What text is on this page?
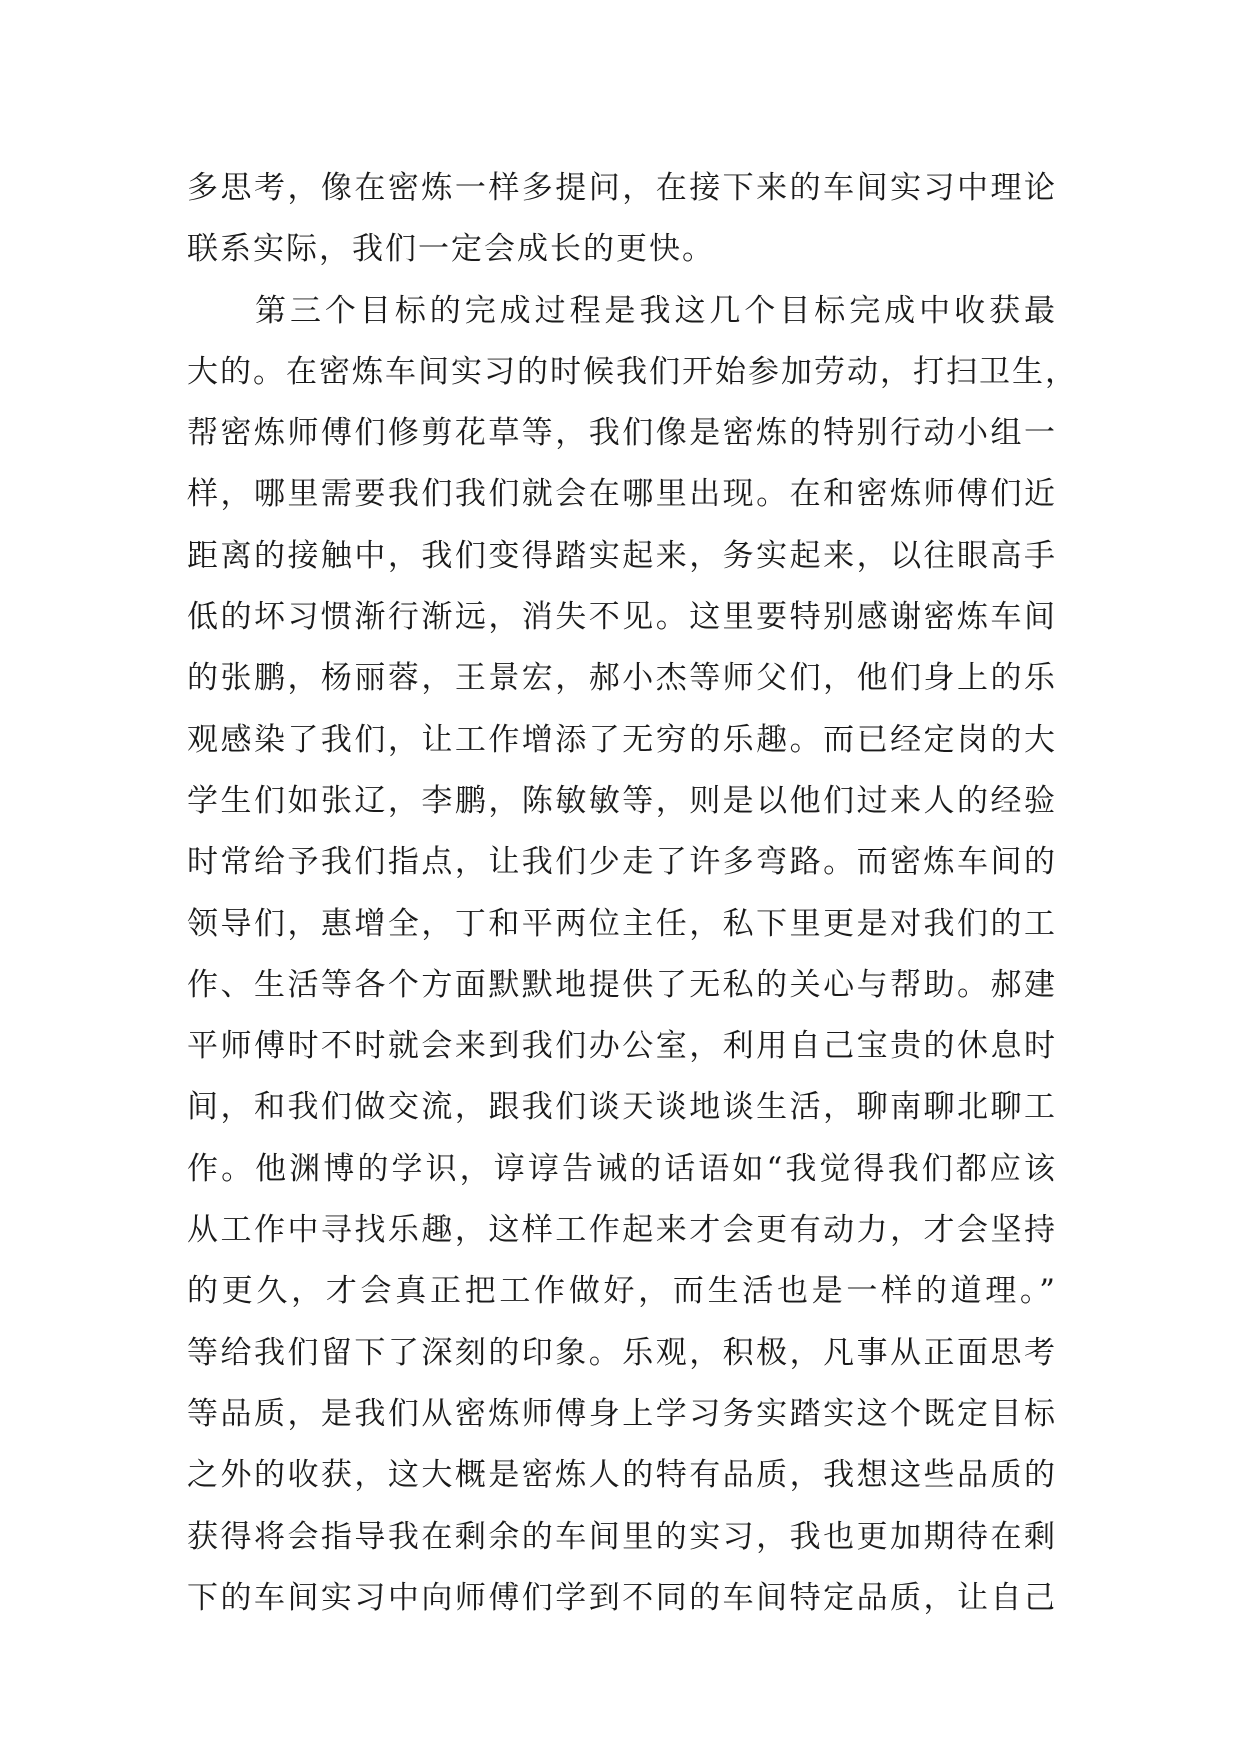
多思考，像在密炼一样多提问，在接下来的车间实习中理论
联系实际，我们一定会成长的更快。
第三个目标的完成过程是我这几个目标完成中收获最
大的。在密炼车间实习的时候我们开始参加劳动，打扫卫生，
帮密炼师傅们修剪花草等，我们像是密炼的特别行动小组一
样，哪里需要我们我们就会在哪里出现。在和密炼师傅们近
距离的接触中，我们变得踏实起来，务实起来，以往眼高手
低的坏习惯渐行渐远，消失不见。这里要特别感谢密炼车间
的张鹏，杨丽蓉，王景宏，郝小杰等师父们，他们身上的乐
观感染了我们，让工作增添了无穷的乐趣。而已经定岗的大
学生们如张辽，李鹏，陈敏敏等，则是以他们过来人的经验
时常给予我们指点，让我们少走了许多弯路。而密炼车间的
领导们，惠增全，丁和平两位主任，私下里更是对我们的工
作、生活等各个方面默默地提供了无私的关心与帮助。郝建
平师傅时不时就会来到我们办公室，利用自己宝贵的休息时
间，和我们做交流，跟我们谈天谈地谈生活，聊南聊北聊工
作。他渊博的学识，谆谆告诫的话语如“我觉得我们都应该
从工作中寻找乐趣，这样工作起来才会更有动力，才会坚持
的更久，才会真正把工作做好，而生活也是一样的道理。”
等给我们留下了深刻的印象。乐观，积极，凡事从正面思考
等品质，是我们从密炼师傅身上学习务实踏实这个既定目标
之外的收获，这大概是密炼人的特有品质，我想这些品质的
获得将会指导我在剩余的车间里的实习，我也更加期待在剩
下的车间实习中向师傅们学到不同的车间特定品质，让自己
